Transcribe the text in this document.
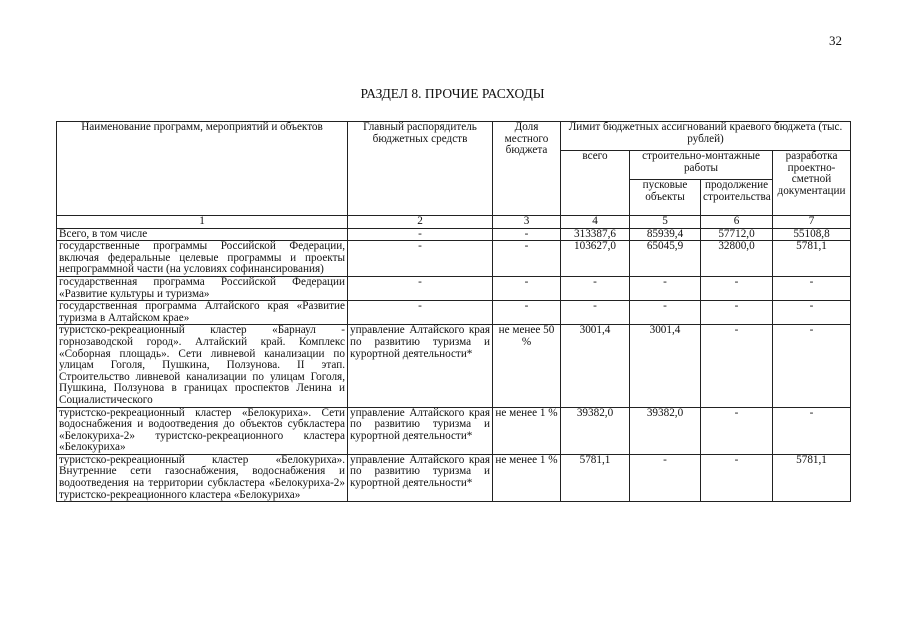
32
РАЗДЕЛ 8. ПРОЧИЕ РАСХОДЫ
Наименование программ, мероприятий и объектов	Главный распорядитель бюджетных средств	Доля местного бюджета	Лимит бюджетных ассигнований краевого бюджета (тыс. рублей)			
			всего	строительно-монтажные работы		разработка проектно-сметной документации
				пусковые объекты	продолжение строительства	
1	2	3	4	5	6	7
Всего, в том числе	-	-	313387,6	85939,4	57712,0	55108,8
государственные программы Российской Федерации, включая федеральные целевые программы и проекты непрограммной части (на условиях софинансирования)	-	-	103627,0	65045,9	32800,0	5781,1
государственная программа Российской Федерации «Развитие культуры и туризма»	-	-	-	-	-	-
государственная программа Алтайского края «Развитие туризма в Алтайском крае»	-	-	-	-	-	-
туристско-рекреационный кластер «Барнаул - горнозаводской город». Алтайский край. Комплекс «Соборная площадь». Сети ливневой канализации по улицам Гоголя, Пушкина, Ползунова. II этап. Строительство ливневой канализации по улицам Гоголя, Пушкина, Ползунова в границах проспектов Ленина и Социалистического	управление Алтайского края по развитию туризма и курортной деятельности*	не менее 50 %	3001,4	3001,4	-	-
туристско-рекреационный кластер «Белокуриха». Сети водоснабжения и водоотведения до объектов субкластера «Белокуриха-2» туристско-рекреационного кластера «Белокуриха»	управление Алтайского края по развитию туризма и курортной деятельности*	не менее 1 %	39382,0	39382,0	-	-
туристско-рекреационный кластер «Белокуриха». Внутренние сети газоснабжения, водоснабжения и водоотведения на территории субкластера «Белокуриха-2» туристско-рекреационного кластера «Белокуриха»	управление Алтайского края по развитию туризма и курортной деятельности*	не менее 1 %	5781,1	-	-	5781,1
